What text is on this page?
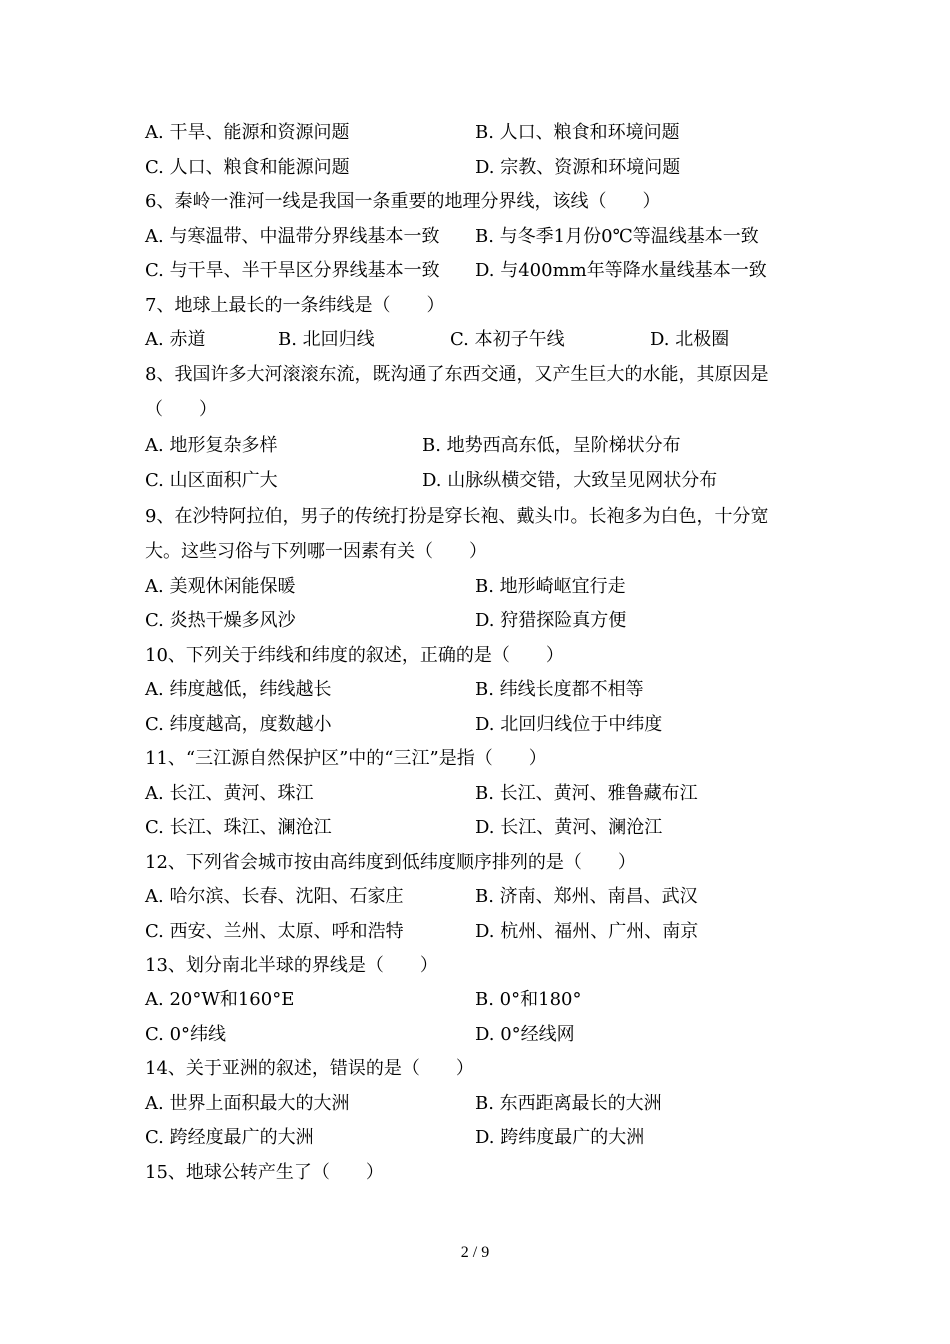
A. 干旱、能源和资源问题	B. 人口、粮食和环境问题
C. 人口、粮食和能源问题	D. 宗教、资源和环境问题
6、秦岭一淮河一线是我国一条重要的地理分界线，该线（　　）
A. 与寒温带、中温带分界线基本一致 B. 与冬季1月份0℃等温线基本一致
C. 与干旱、半干旱区分界线基本一致 D. 与400mm年等降水量线基本一致
7、地球上最长的一条纬线是（　　）
A. 赤道	B. 北回归线	C. 本初子午线	D. 北极圈
8、我国许多大河滚滚东流，既沟通了东西交通，又产生巨大的水能，其原因是
（　　）
A. 地形复杂多样	B. 地势西高东低，呈阶梯状分布
C. 山区面积广大	D. 山脉纵横交错，大致呈见网状分布
9、在沙特阿拉伯，男子的传统打扮是穿长袍、戴头巾。长袍多为白色，十分宽
大。这些习俗与下列哪一因素有关（　　）
A. 美观休闲能保暖	B. 地形崎岖宜行走
C. 炎热干燥多风沙	D. 狩猎探险真方便
10、下列关于纬线和纬度的叙述，正确的是（　　）
A. 纬度越低，纬线越长	B. 纬线长度都不相等
C. 纬度越高，度数越小	D. 北回归线位于中纬度
11、“三江源自然保护区”中的“三江”是指（　　）
A. 长江、黄河、珠江	B. 长江、黄河、雅鲁藏布江
C. 长江、珠江、澜沧江	D. 长江、黄河、澜沧江
12、下列省会城市按由高纬度到低纬度顺序排列的是（　　）
A. 哈尔滨、长春、沈阳、石家庄	B. 济南、郑州、南昌、武汉
C. 西安、兰州、太原、呼和浩特	D. 杭州、福州、广州、南京
13、划分南北半球的界线是（　　）
A. 20°W和160°E	B. 0°和180°
C. 0°纬线	D. 0°经线网
14、关于亚洲的叙述，错误的是（　　）
A. 世界上面积最大的大洲	B. 东西距离最长的大洲
C. 跨经度最广的大洲	D. 跨纬度最广的大洲
15、地球公转产生了（　　）
2 / 9
